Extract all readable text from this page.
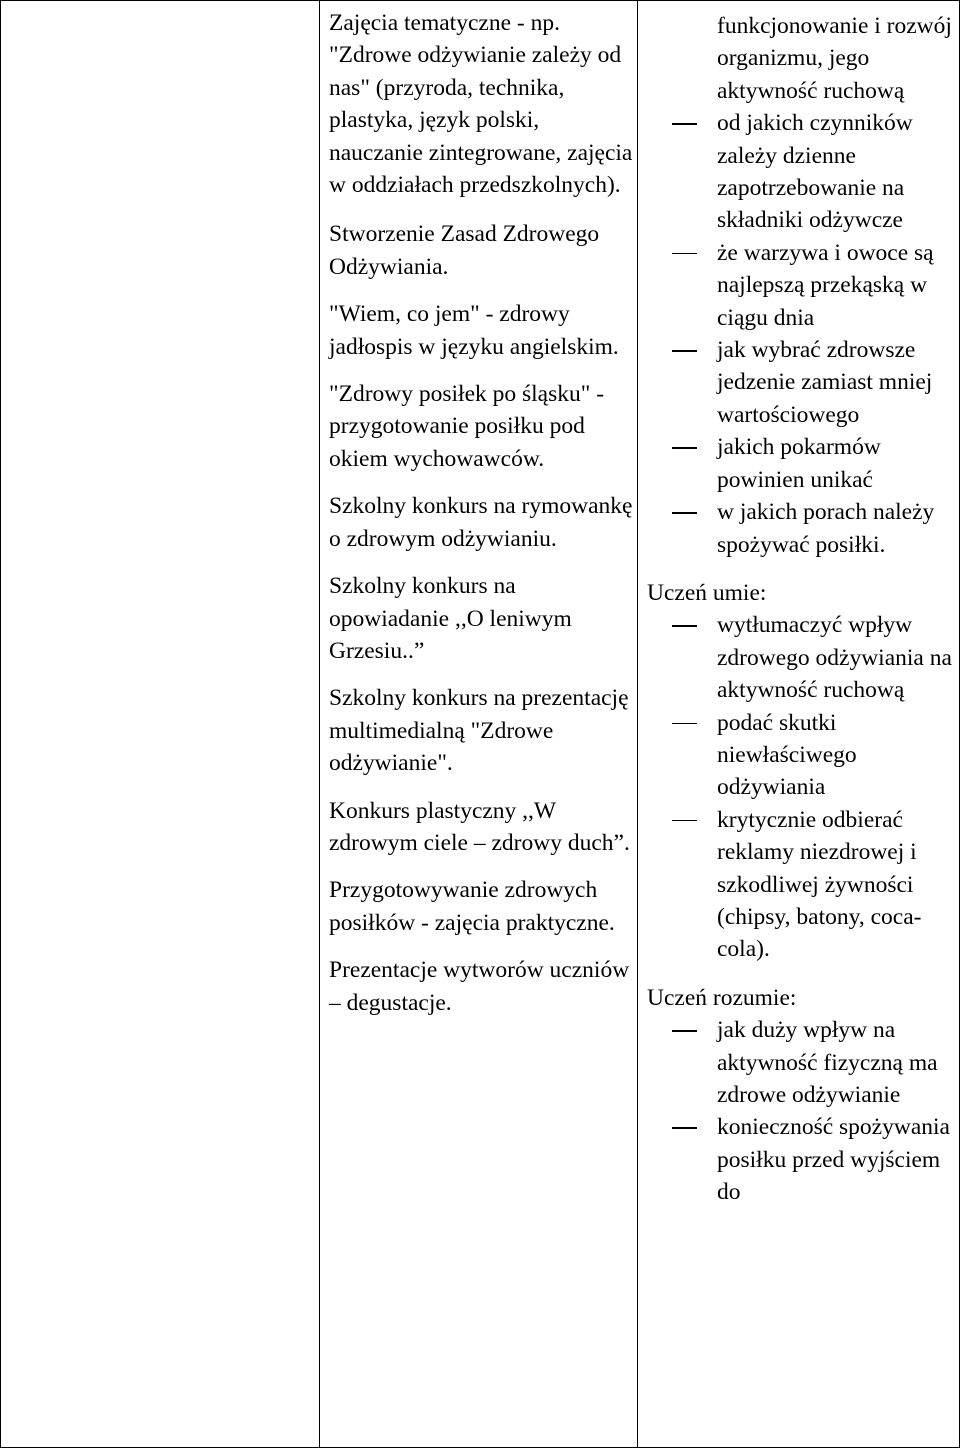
Zajęcia tematyczne - np. "Zdrowe odżywianie zależy od nas" (przyroda, technika, plastyka, język polski, nauczanie zintegrowane, zajęcia w oddziałach przedszkolnych).

Stworzenie Zasad Zdrowego Odżywiania.

"Wiem, co jem" - zdrowy jadłospis w języku angielskim.

"Zdrowy posiłek po śląsku" - przygotowanie posiłku pod okiem wychowawców.

Szkolny konkurs na rymowankę o zdrowym odżywianiu.

Szkolny konkurs na opowiadanie ,,O leniwym Grzesiu..”

Szkolny konkurs na prezentację multimedialną "Zdrowe odżywianie".

Konkurs plastyczny ,,W zdrowym ciele – zdrowy duch”.

Przygotowywanie zdrowych posiłków - zajęcia praktyczne.

Prezentacje wytworów uczniów – degustacje.

funkcjonowanie i rozwój organizmu, jego aktywność ruchową

od jakich czynników zależy dzienne zapotrzebowanie na składniki odżywcze
że warzywa i owoce są najlepszą przekąską w ciągu dnia
jak wybrać zdrowsze jedzenie zamiast mniej wartościowego
jakich pokarmów powinien unikać
w jakich porach należy spożywać posiłki.

Uczeń umie:

wytłumaczyć wpływ zdrowego odżywiania na aktywność ruchową
podać skutki niewłaściwego odżywiania
krytycznie odbierać reklamy niezdrowej i szkodliwej żywności (chipsy, batony, coca-cola).

Uczeń rozumie:

jak duży wpływ na aktywność fizyczną ma zdrowe odżywianie
konieczność spożywania posiłku przed wyjściem do
